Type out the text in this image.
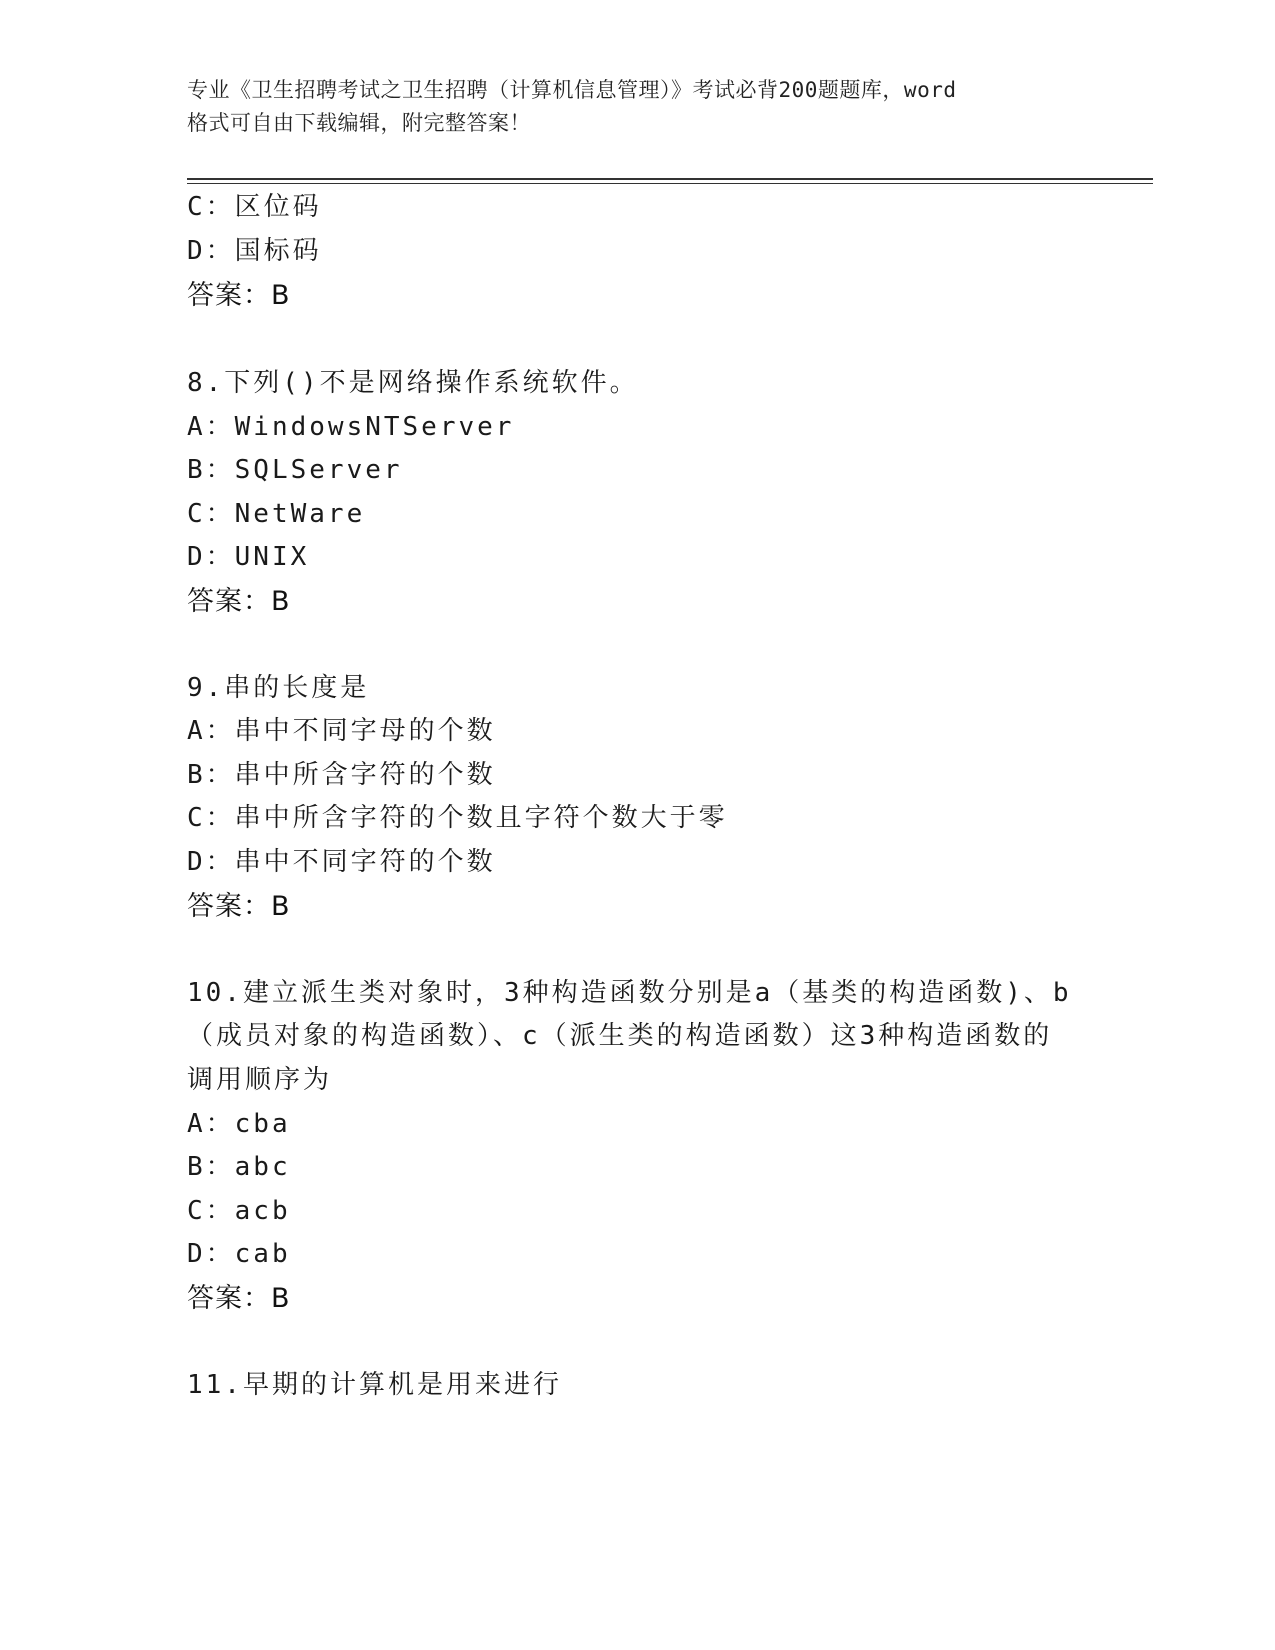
专业《卫生招聘考试之卫生招聘（计算机信息管理）》考试必背200题题库，word
格式可自由下载编辑，附完整答案！
C：区位码
D：国标码
答案：B
8.下列()不是网络操作系统软件。
A：WindowsNTServer
B：SQLServer
C：NetWare
D：UNIX
答案：B
9.串的长度是
A：串中不同字母的个数
B：串中所含字符的个数
C：串中所含字符的个数且字符个数大于零
D：串中不同字符的个数
答案：B
10.建立派生类对象时，3种构造函数分别是a（基类的构造函数)、b
（成员对象的构造函数）、c（派生类的构造函数）这3种构造函数的
调用顺序为
A：cba
B：abc
C：acb
D：cab
答案：B
11.早期的计算机是用来进行
